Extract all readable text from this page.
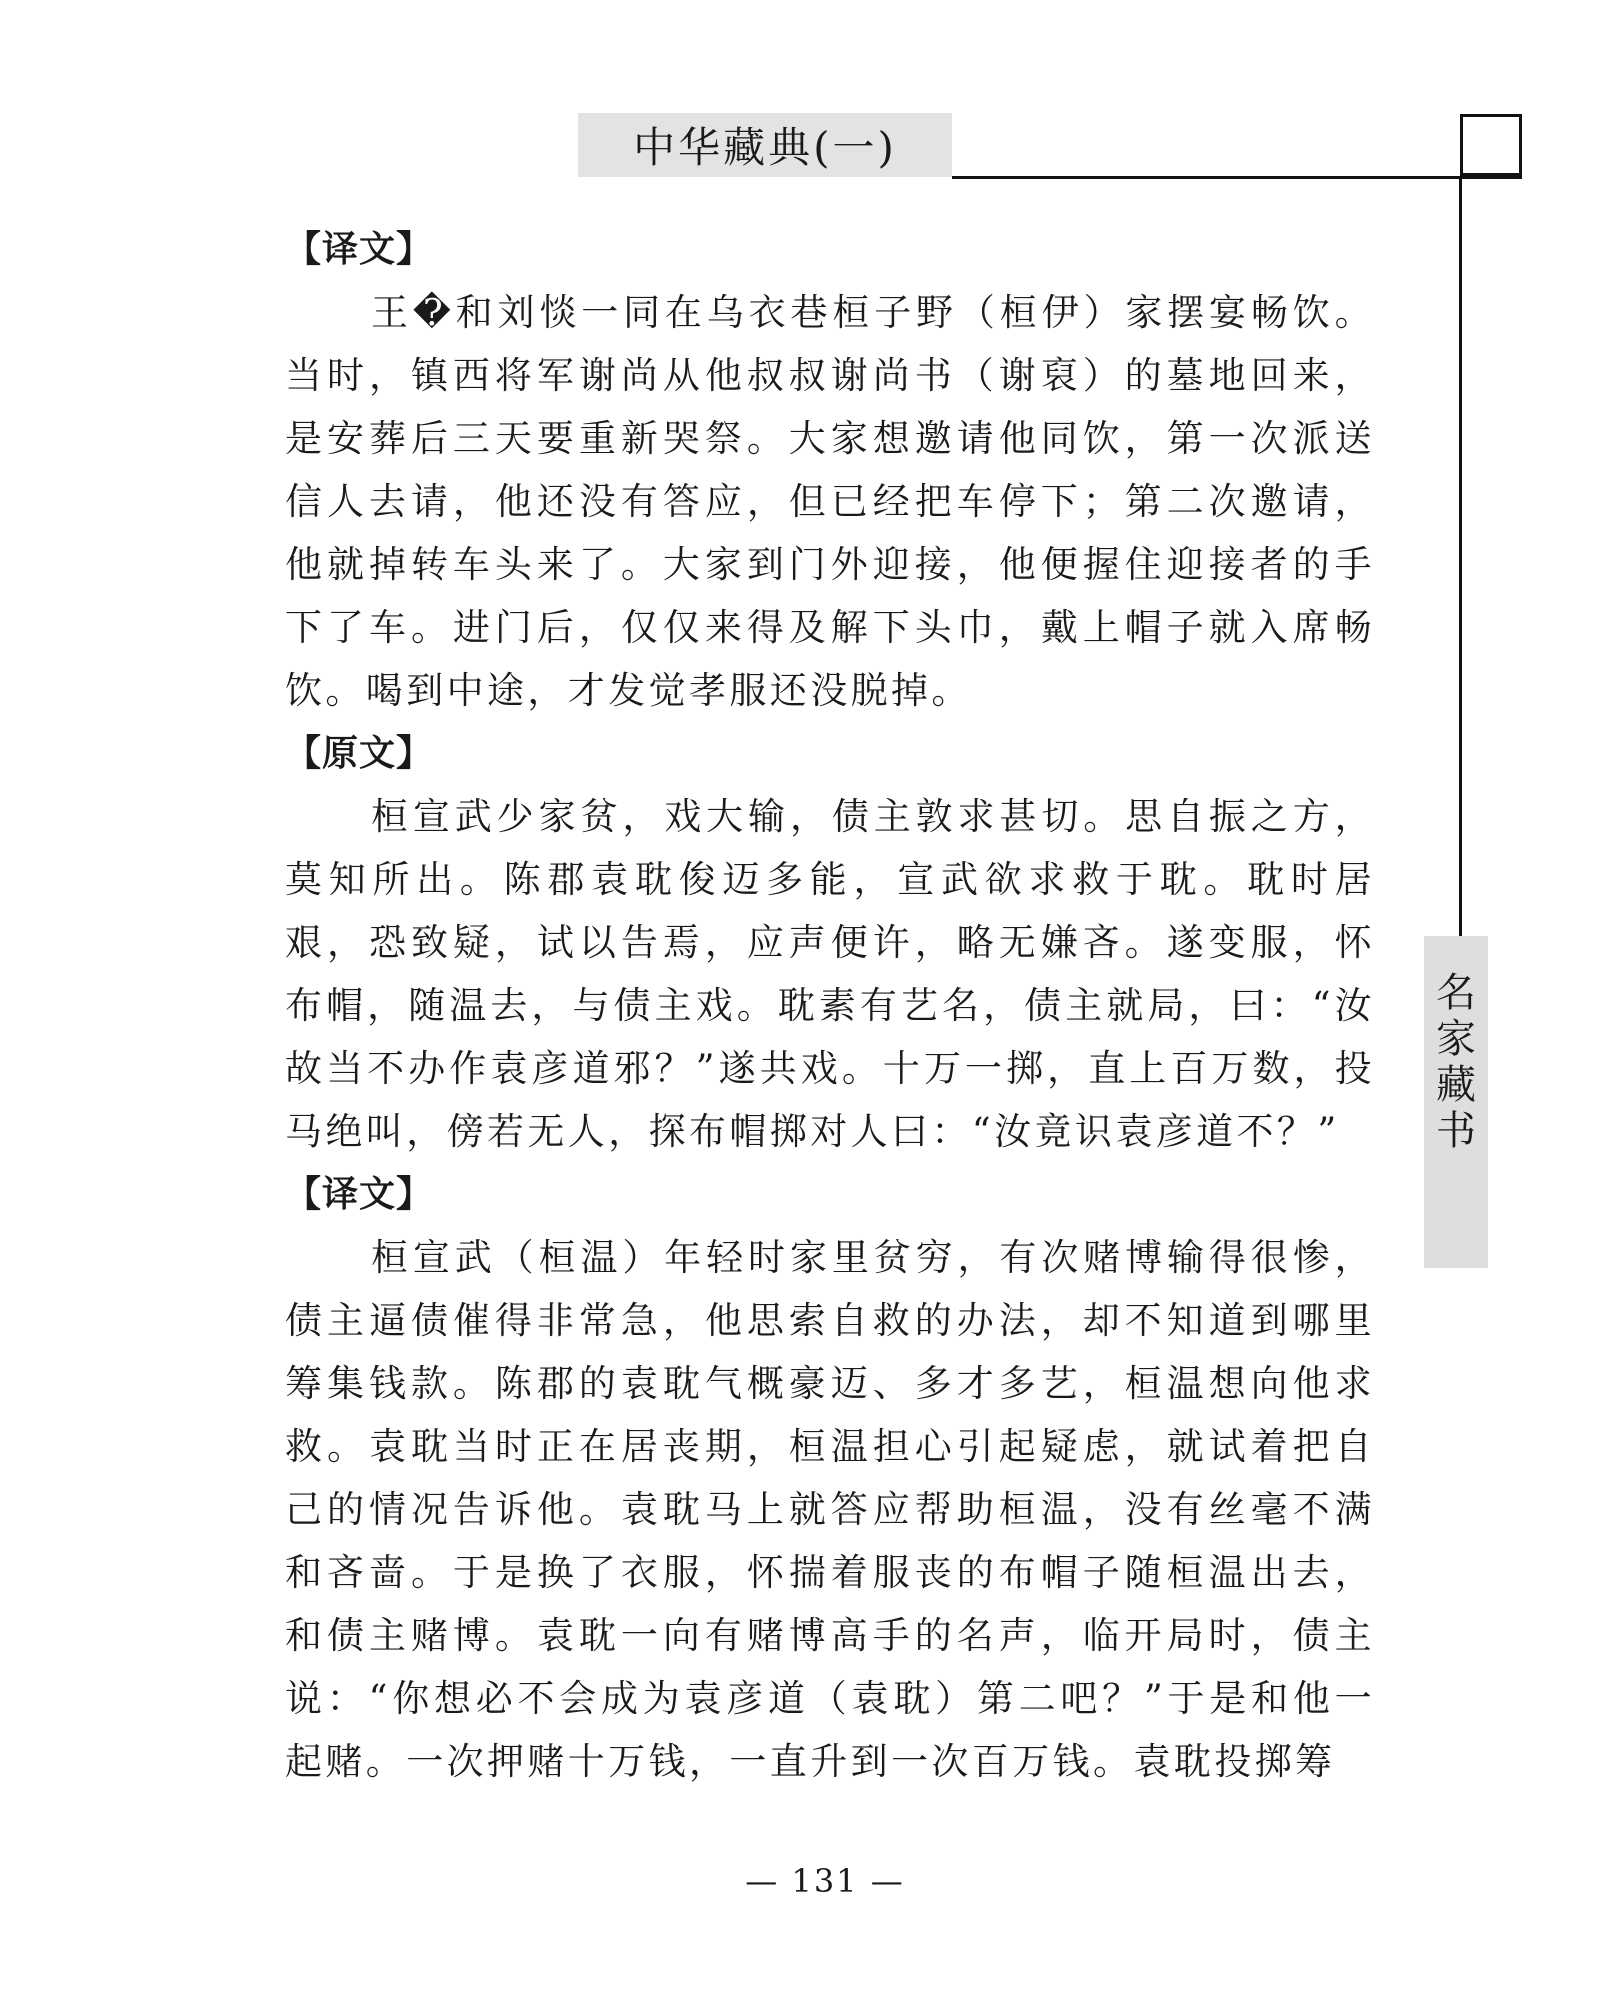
中华藏典(一)
名
家
藏
书

【译文】

王�和刘惔一同在乌衣巷桓子野（桓伊）家摆宴畅饮。当时，镇西将军谢尚从他叔叔谢尚书（谢裒）的墓地回来，是安葬后三天要重新哭祭。大家想邀请他同饮，第一次派送信人去请，他还没有答应，但已经把车停下；第二次邀请，他就掉转车头来了。大家到门外迎接，他便握住迎接者的手下了车。进门后，仅仅来得及解下头巾，戴上帽子就入席畅饮。喝到中途，才发觉孝服还没脱掉。

【原文】

桓宣武少家贫，戏大输，债主敦求甚切。思自振之方，莫知所出。陈郡袁耽俊迈多能，宣武欲求救于耽。耽时居艰，恐致疑，试以告焉，应声便许，略无嫌吝。遂变服，怀布帽，随温去，与债主戏。耽素有艺名，债主就局，曰：“汝故当不办作袁彦道邪？”遂共戏。十万一掷，直上百万数，投马绝叫，傍若无人，探布帽掷对人曰：“汝竟识袁彦道不？”

【译文】

桓宣武（桓温）年轻时家里贫穷，有次赌博输得很惨，债主逼债催得非常急，他思索自救的办法，却不知道到哪里筹集钱款。陈郡的袁耽气概豪迈、多才多艺，桓温想向他求救。袁耽当时正在居丧期，桓温担心引起疑虑，就试着把自己的情况告诉他。袁耽马上就答应帮助桓温，没有丝毫不满和吝啬。于是换了衣服，怀揣着服丧的布帽子随桓温出去，和债主赌博。袁耽一向有赌博高手的名声，临开局时，债主说：“你想必不会成为袁彦道（袁耽）第二吧？”于是和他一起赌。一次押赌十万钱，一直升到一次百万钱。袁耽投掷筹

— 131 —
